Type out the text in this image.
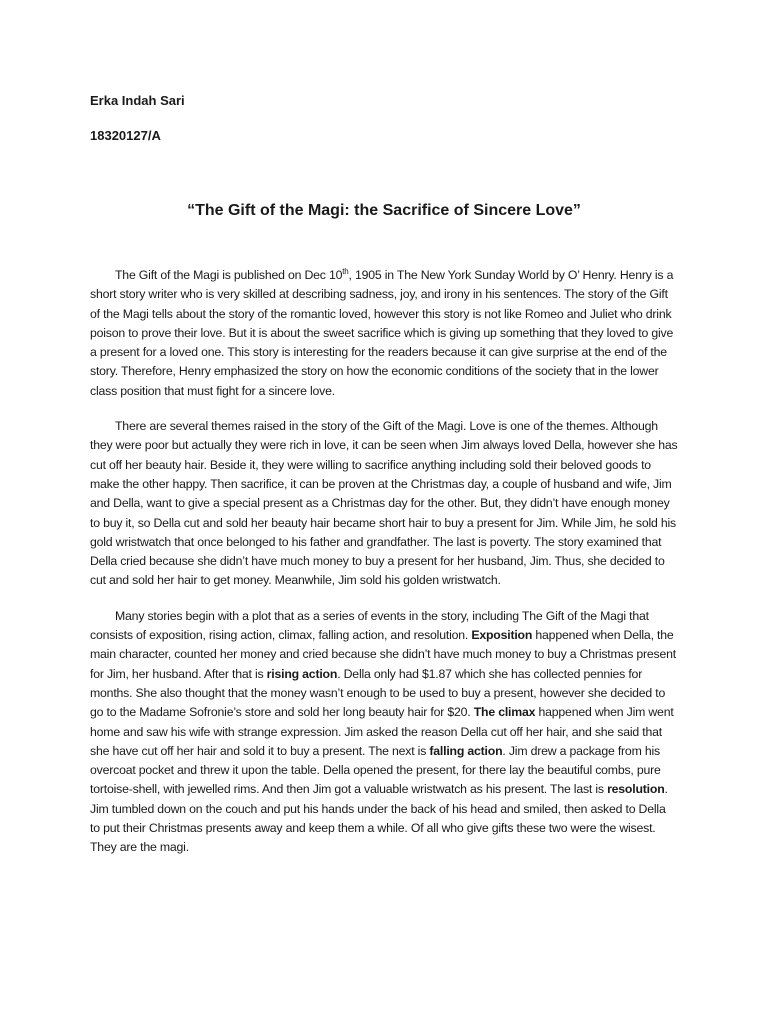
Erka Indah Sari

18320127/A

“The Gift of the Magi: the Sacrifice of Sincere Love”

The Gift of the Magi is published on Dec 10th, 1905 in The New York Sunday World by O’ Henry. Henry is a short story writer who is very skilled at describing sadness, joy, and irony in his sentences. The story of the Gift of the Magi tells about the story of the romantic loved, however this story is not like Romeo and Juliet who drink poison to prove their love. But it is about the sweet sacrifice which is giving up something that they loved to give a present for a loved one. This story is interesting for the readers because it can give surprise at the end of the story. Therefore, Henry emphasized the story on how the economic conditions of the society that in the lower class position that must fight for a sincere love.

There are several themes raised in the story of the Gift of the Magi. Love is one of the themes. Although they were poor but actually they were rich in love, it can be seen when Jim always loved Della, however she has cut off her beauty hair. Beside it, they were willing to sacrifice anything including sold their beloved goods to make the other happy. Then sacrifice, it can be proven at the Christmas day, a couple of husband and wife, Jim and Della, want to give a special present as a Christmas day for the other. But, they didn’t have enough money to buy it, so Della cut and sold her beauty hair became short hair to buy a present for Jim. While Jim, he sold his gold wristwatch that once belonged to his father and grandfather. The last is poverty. The story examined that Della cried because she didn’t have much money to buy a present for her husband, Jim. Thus, she decided to cut and sold her hair to get money. Meanwhile, Jim sold his golden wristwatch.

Many stories begin with a plot that as a series of events in the story, including The Gift of the Magi that consists of exposition, rising action, climax, falling action, and resolution. Exposition happened when Della, the main character, counted her money and cried because she didn’t have much money to buy a Christmas present for Jim, her husband. After that is rising action. Della only had $1.87 which she has collected pennies for months. She also thought that the money wasn’t enough to be used to buy a present, however she decided to go to the Madame Sofronie’s store and sold her long beauty hair for $20. The climax happened when Jim went home and saw his wife with strange expression. Jim asked the reason Della cut off her hair, and she said that she have cut off her hair and sold it to buy a present. The next is falling action. Jim drew a package from his overcoat pocket and threw it upon the table. Della opened the present, for there lay the beautiful combs, pure tortoise-shell, with jewelled rims. And then Jim got a valuable wristwatch as his present. The last is resolution. Jim tumbled down on the couch and put his hands under the back of his head and smiled, then asked to Della to put their Christmas presents away and keep them a while. Of all who give gifts these two were the wisest. They are the magi.
